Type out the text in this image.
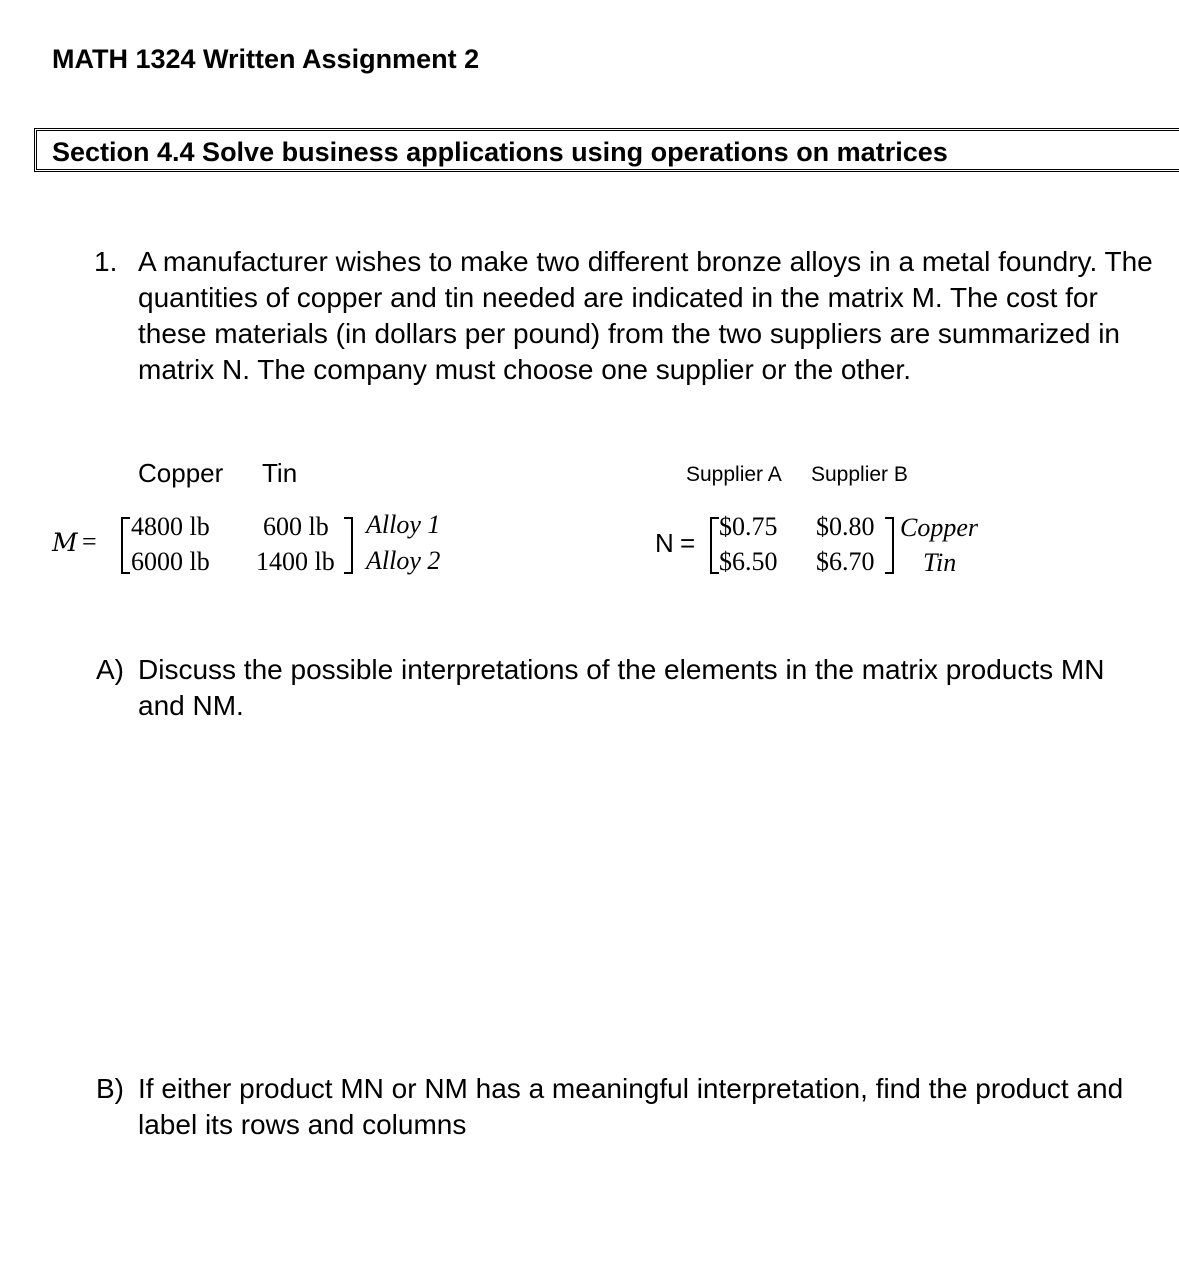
MATH 1324 Written Assignment 2
Section 4.4 Solve business applications using operations on matrices
1. A manufacturer wishes to make two different bronze alloys in a metal foundry. The quantities of copper and tin needed are indicated in the matrix M. The cost for these materials (in dollars per pound) from the two suppliers are summarized in matrix N. The company must choose one supplier or the other.
Copper Tin
M =
4800 lb 600 lb
6000 lb 1400 lb
Alloy 1
Alloy 2
Supplier A Supplier B
N =
$0.75 $0.80
$6.50 $6.70
Copper
Tin
A) Discuss the possible interpretations of the elements in the matrix products MN and NM.
B) If either product MN or NM has a meaningful interpretation, find the product and label its rows and columns
